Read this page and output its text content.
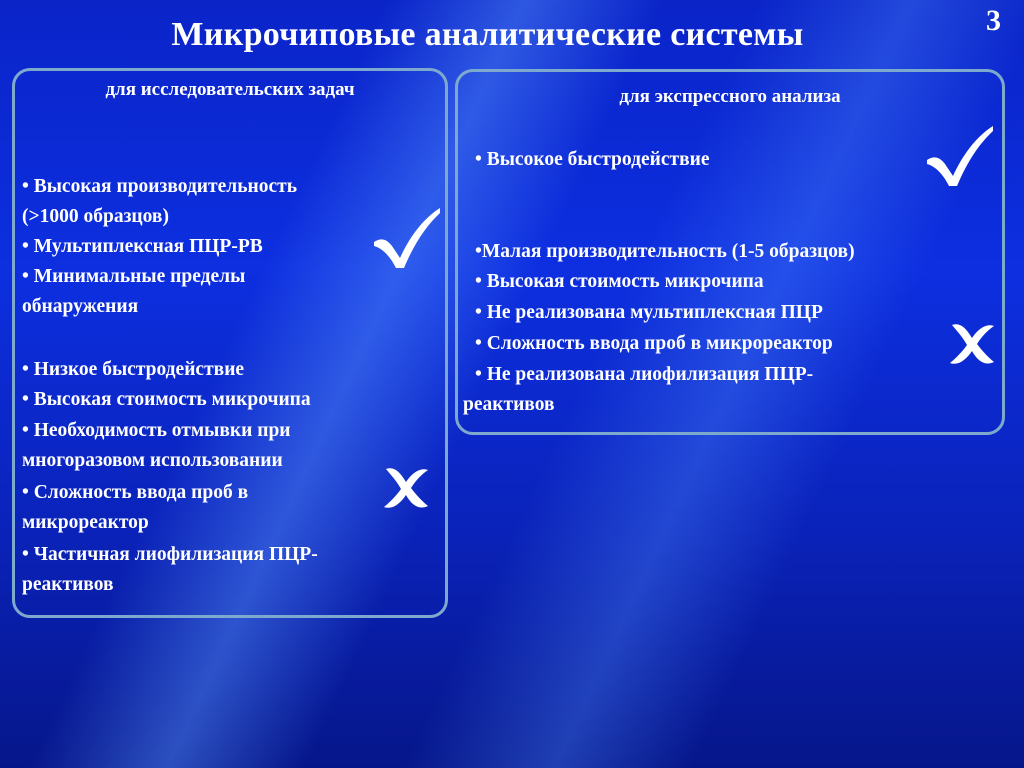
Микрочиповые аналитические системы	3
для исследовательских задач
• Высокая производительность
(>1000 образцов)
• Мультиплексная ПЦР-РВ
• Минимальные пределы
обнаружения
• Низкое быстродействие
• Высокая стоимость микрочипа
• Необходимость отмывки при
многоразовом использовании
• Сложность ввода проб в
микрореактор
• Частичная лиофилизация ПЦР-
реактивов
для экспрессного анализа
• Высокое быстродействие
•Малая производительность (1-5 образцов)
• Высокая стоимость микрочипа
• Не реализована мультиплексная ПЦР
• Сложность ввода проб в микрореактор
• Не реализована лиофилизация ПЦР-
реактивов
